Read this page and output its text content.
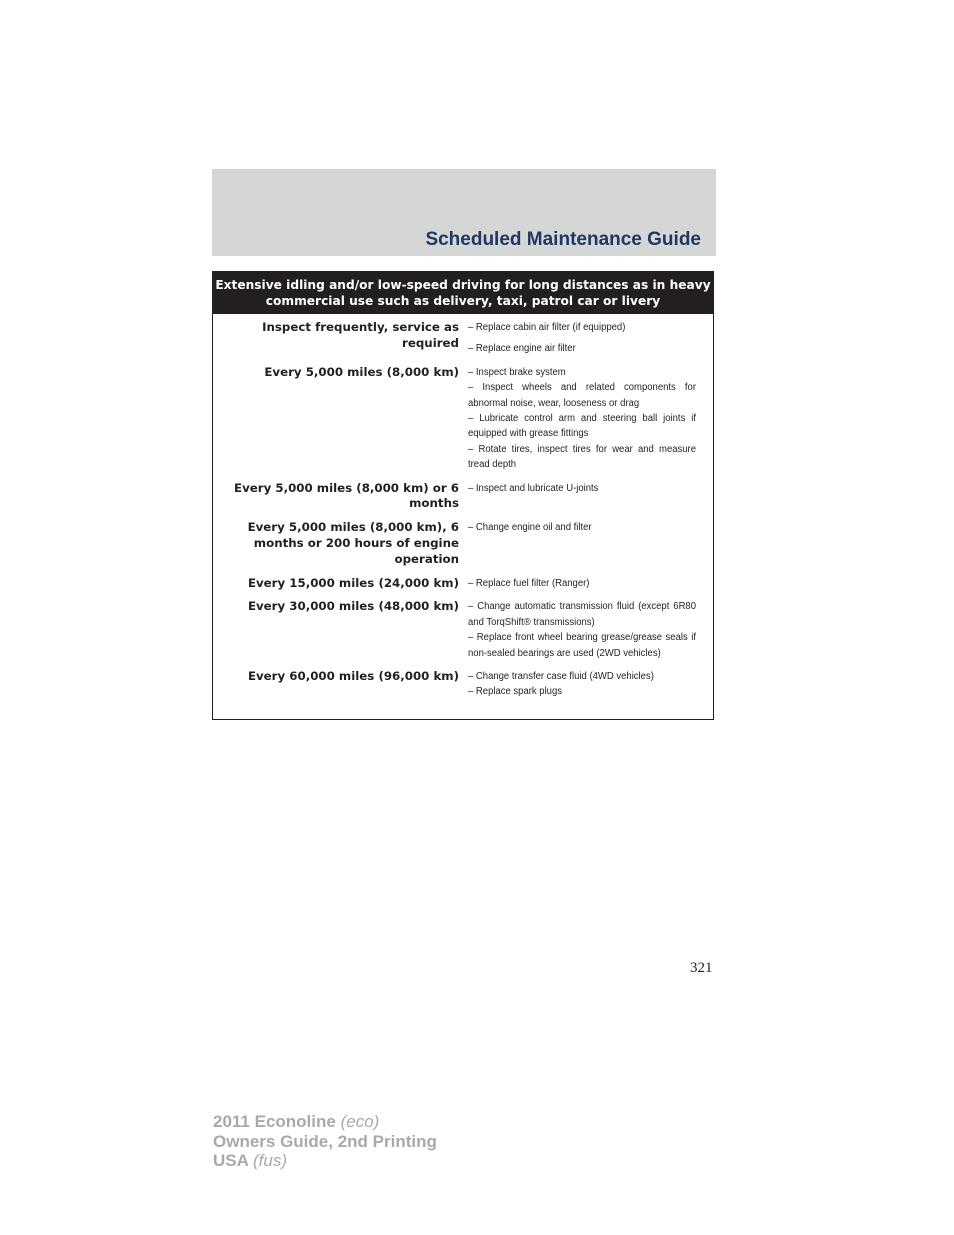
Scheduled Maintenance Guide
Extensive idling and/or low-speed driving for long distances as in heavy
commercial use such as delivery, taxi, patrol car or livery
Inspect frequently, service as required
– Replace cabin air filter (if equipped)
– Replace engine air filter
Every 5,000 miles (8,000 km) – Inspect brake system
– Inspect wheels and related components for abnormal noise, wear, looseness or drag
– Lubricate control arm and steering ball joints if equipped with grease fittings
– Rotate tires, inspect tires for wear and measure tread depth
Every 5,000 miles (8,000 km) or 6 months
– Inspect and lubricate U-joints
Every 5,000 miles (8,000 km), 6 months or 200 hours of engine operation
– Change engine oil and filter
Every 15,000 miles (24,000 km) – Replace fuel filter (Ranger)
Every 30,000 miles (48,000 km) – Change automatic transmission fluid (except 6R80 and TorqShift® transmissions)
– Replace front wheel bearing grease/grease seals if non-sealed bearings are used (2WD vehicles)
Every 60,000 miles (96,000 km) – Change transfer case fluid (4WD vehicles)
– Replace spark plugs
321
2011 Econoline (eco)
Owners Guide, 2nd Printing
USA (fus)
